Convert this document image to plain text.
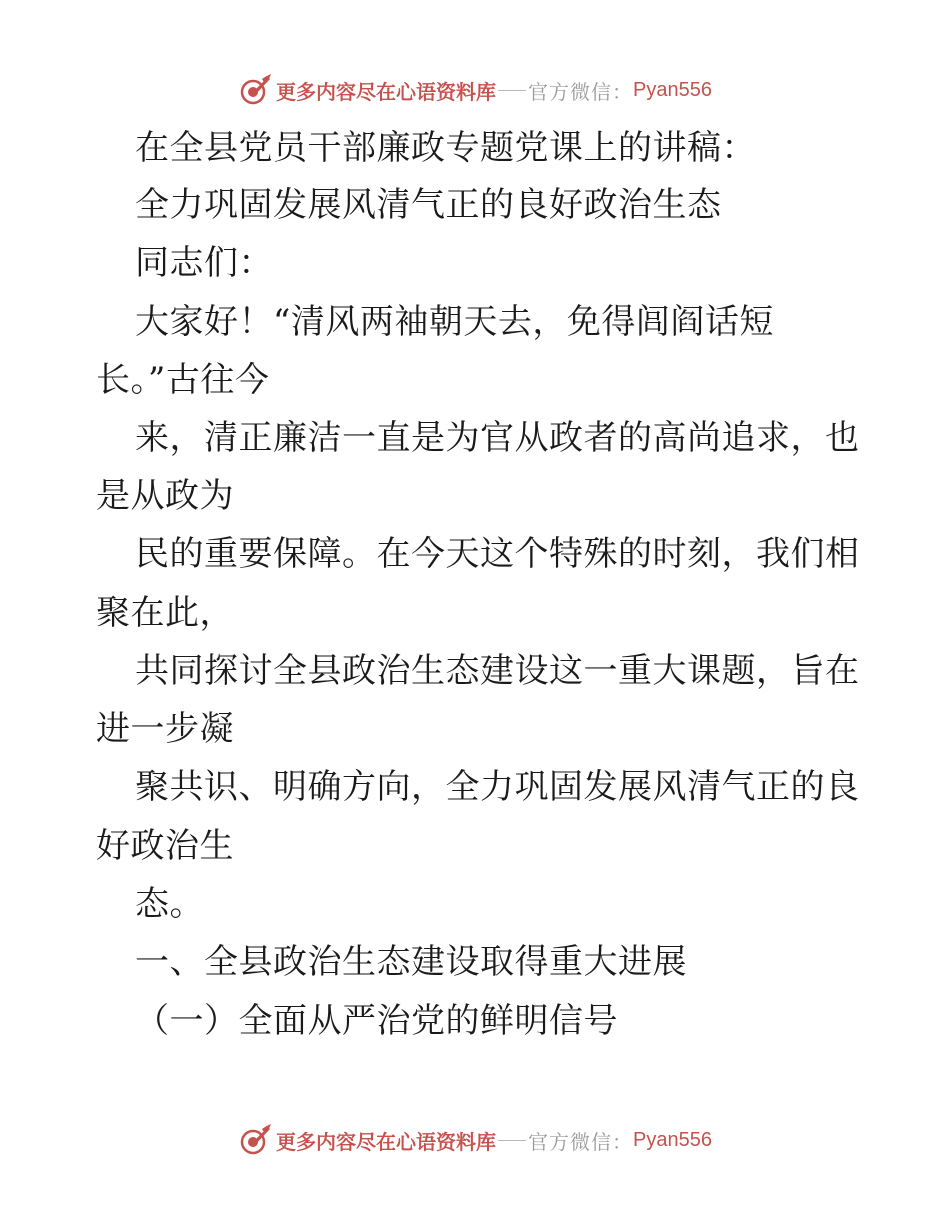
更多内容尽在心语资料库 官方微信： Pyan556
在全县党员干部廉政专题党课上的讲稿：
全力巩固发展风清气正的良好政治生态
同志们：
大家好！“清风两袖朝天去，免得闾阎话短
长。”古往今
来，清正廉洁一直是为官从政者的高尚追求，也
是从政为
民的重要保障。在今天这个特殊的时刻，我们相
聚在此，
共同探讨全县政治生态建设这一重大课题，旨在
进一步凝
聚共识、明确方向，全力巩固发展风清气正的良
好政治生
态。
一、全县政治生态建设取得重大进展
（一）全面从严治党的鲜明信号
更多内容尽在心语资料库 官方微信： Pyan556
